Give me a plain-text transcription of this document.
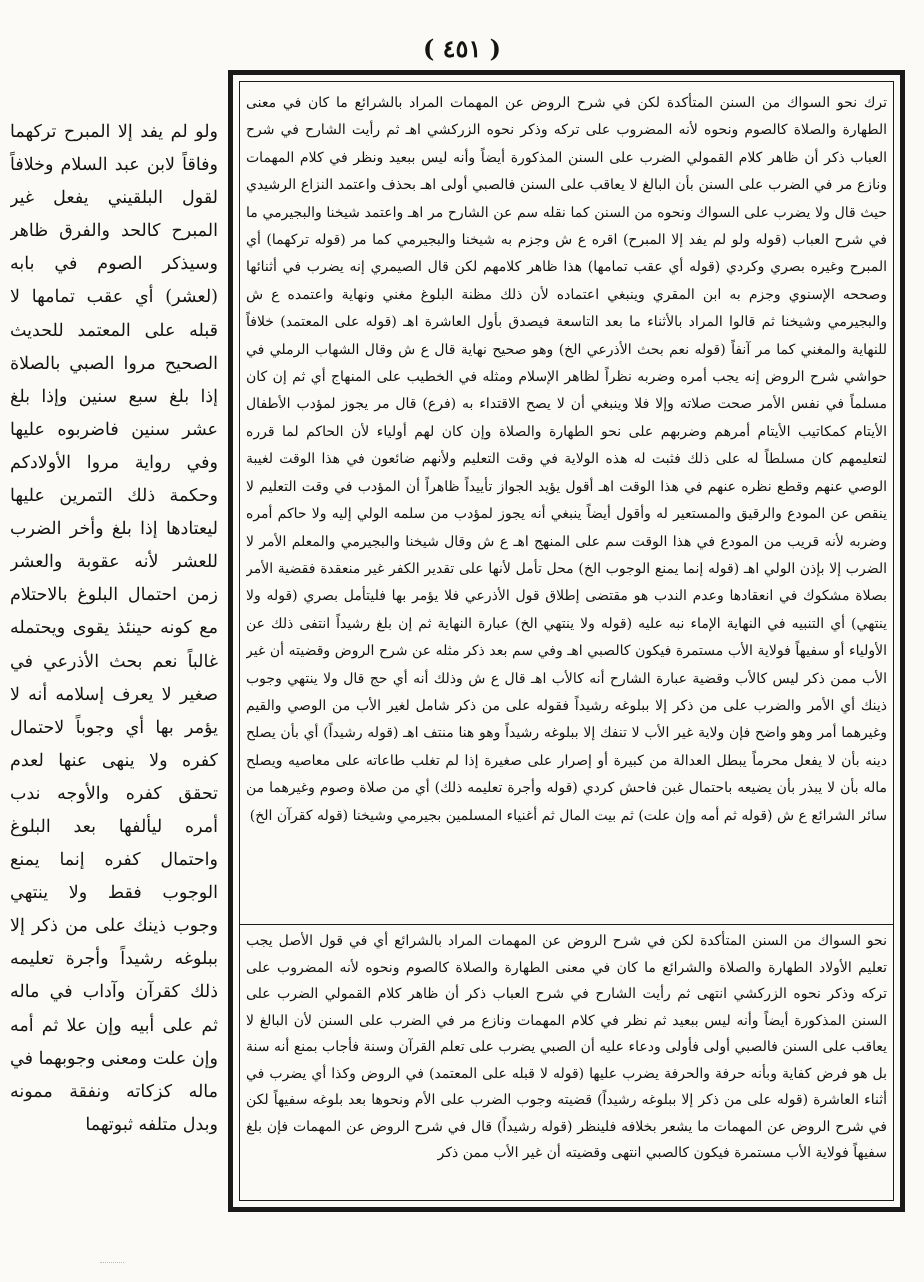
( ٤٥١ )

ولو لم يفد إلا المبرح تركهما وفاقاً لابن عبد السلام وخلافاً لقول البلقيني يفعل غير المبرح كالحد والفرق ظاهر وسيذكر الصوم في بابه (لعشر) أي عقب تمامها لا قبله على المعتمد للحديث الصحيح مروا الصبي بالصلاة إذا بلغ سبع سنين وإذا بلغ عشر سنين فاضربوه عليها وفي رواية مروا الأولادكم وحكمة ذلك التمرين عليها ليعتادها إذا بلغ وأخر الضرب للعشر لأنه عقوبة والعشر زمن احتمال البلوغ بالاحتلام مع كونه حينئذ يقوى ويحتمله غالباً نعم بحث الأذرعي في صغير لا يعرف إسلامه أنه لا يؤمر بها أي وجوباً لاحتمال كفره ولا ينهى عنها لعدم تحقق كفره والأوجه ندب أمره ليألفها بعد البلوغ واحتمال كفره إنما يمنع الوجوب فقط ولا ينتهي وجوب ذينك على من ذكر إلا ببلوغه رشيداً وأجرة تعليمه ذلك كقرآن وآداب في ماله ثم على أبيه وإن علا ثم أمه وإن علت ومعنى وجوبهما في ماله كزكاته ونفقة ممونه وبدل متلفه ثبوتهما

ترك نحو السواك من السنن المتأكدة لكن في شرح الروض عن المهمات المراد بالشرائع ما كان في معنى الطهارة والصلاة كالصوم ونحوه لأنه المضروب على تركه وذكر نحوه الزركشي اهـ ثم رأيت الشارح في شرح العباب ذكر أن ظاهر كلام القمولي الضرب على السنن المذكورة أيضاً وأنه ليس ببعيد ونظر في كلام المهمات ونازع مر في الضرب على السنن بأن البالغ لا يعاقب على السنن فالصبي أولى اهـ بحذف واعتمد النزاع الرشيدي حيث قال ولا يضرب على السواك ونحوه من السنن كما نقله سم عن الشارح مر اهـ واعتمد شيخنا والبجيرمي ما في شرح العباب (قوله ولو لم يفد إلا المبرح) اقره ع ش وجزم به شيخنا والبجيرمي كما مر (قوله تركهما) أي المبرح وغيره بصري وكردي (قوله أي عقب تمامها) هذا ظاهر كلامهم لكن قال الصيمري إنه يضرب في أثنائها وصححه الإسنوي وجزم به ابن المقري وينبغي اعتماده لأن ذلك مظنة البلوغ مغني ونهاية واعتمده ع ش والبجيرمي وشيخنا ثم قالوا المراد بالأثناء ما بعد التاسعة فيصدق بأول العاشرة اهـ (قوله على المعتمد) خلافاً للنهاية والمغني كما مر آنفاً (قوله نعم بحث الأذرعي الخ) وهو صحيح نهاية قال ع ش وقال الشهاب الرملي في حواشي شرح الروض إنه يجب أمره وضربه نظراً لظاهر الإسلام ومثله في الخطيب على المنهاج أي ثم إن كان مسلماً في نفس الأمر صحت صلاته وإلا فلا وينبغي أن لا يصح الاقتداء به (فرع) قال مر يجوز لمؤدب الأطفال الأيتام كمكاتيب الأيتام أمرهم وضربهم على نحو الطهارة والصلاة وإن كان لهم أولياء لأن الحاكم لما قرره لتعليمهم كان مسلطاً له على ذلك فثبت له هذه الولاية في وقت التعليم ولأنهم ضائعون في هذا الوقت لغيبة الوصي عنهم وقطع نظره عنهم في هذا الوقت اهـ أقول يؤيد الجواز تأييداً ظاهراً أن المؤدب في وقت التعليم لا ينقص عن المودع والرقيق والمستعير له وأقول أيضاً ينبغي أنه يجوز لمؤدب من سلمه الولي إليه ولا حاكم أمره وضربه لأنه قريب من المودع في هذا الوقت سم على المنهج اهـ ع ش وقال شيخنا والبجيرمي والمعلم الأمر لا الضرب إلا بإذن الولي اهـ (قوله إنما يمنع الوجوب الخ) محل تأمل لأنها على تقدير الكفر غير منعقدة فقضية الأمر بصلاة مشكوك في انعقادها وعدم الندب هو مقتضى إطلاق قول الأذرعي فلا يؤمر بها فليتأمل بصري (قوله ولا ينتهي) أي التنبيه في النهاية الإماء نبه عليه (قوله ولا ينتهي الخ) عبارة النهاية ثم إن بلغ رشيداً انتفى ذلك عن الأولياء أو سفيهاً فولاية الأب مستمرة فيكون كالصبي اهـ وفي سم بعد ذكر مثله عن شرح الروض وقضيته أن غير الأب ممن ذكر ليس كالأب وقضية عبارة الشارح أنه كالأب اهـ قال ع ش وذلك أنه أي حج قال ولا ينتهي وجوب ذينك أي الأمر والضرب على من ذكر إلا ببلوغه رشيداً فقوله على من ذكر شامل لغير الأب من الوصي والقيم وغيرهما أمر وهو واضح فإن ولاية غير الأب لا تنفك إلا ببلوغه رشيداً وهو هنا منتف اهـ (قوله رشيداً) أي بأن يصلح دينه بأن لا يفعل محرماً يبطل العدالة من كبيرة أو إصرار على صغيرة إذا لم تغلب طاعاته على معاصيه ويصلح ماله بأن لا يبذر بأن يضيعه باحتمال غبن فاحش كردي (قوله وأجرة تعليمه ذلك) أي من صلاة وصوم وغيرهما من سائر الشرائع ع ش (قوله ثم أمه وإن علت) ثم بيت المال ثم أغنياء المسلمين بجيرمي وشيخنا (قوله كقرآن الخ)

نحو السواك من السنن المتأكدة لكن في شرح الروض عن المهمات المراد بالشرائع أي في قول الأصل يجب تعليم الأولاد الطهارة والصلاة والشرائع ما كان في معنى الطهارة والصلاة كالصوم ونحوه لأنه المضروب على تركه وذكر نحوه الزركشي انتهى ثم رأيت الشارح في شرح العباب ذكر أن ظاهر كلام القمولي الضرب على السنن المذكورة أيضاً وأنه ليس ببعيد ثم نظر في كلام المهمات ونازع مر في الضرب على السنن لأن البالغ لا يعاقب على السنن فالصبي أولى فأولى ودعاء عليه أن الصبي يضرب على تعلم القرآن وسنة فأجاب بمنع أنه سنة بل هو فرض كفاية وبأنه حرفة والحرفة يضرب عليها (قوله لا قبله على المعتمد) في الروض وكذا أي يضرب في أثناء العاشرة (قوله على من ذكر إلا ببلوغه رشيداً) قضيته وجوب الضرب على الأم ونحوها بعد بلوغه سفيهاً لكن في شرح الروض عن المهمات ما يشعر بخلافه فلينظر (قوله رشيداً) قال في شرح الروض عن المهمات فإن بلغ سفيهاً فولاية الأب مستمرة فيكون كالصبي انتهى وقضيته أن غير الأب ممن ذكر
